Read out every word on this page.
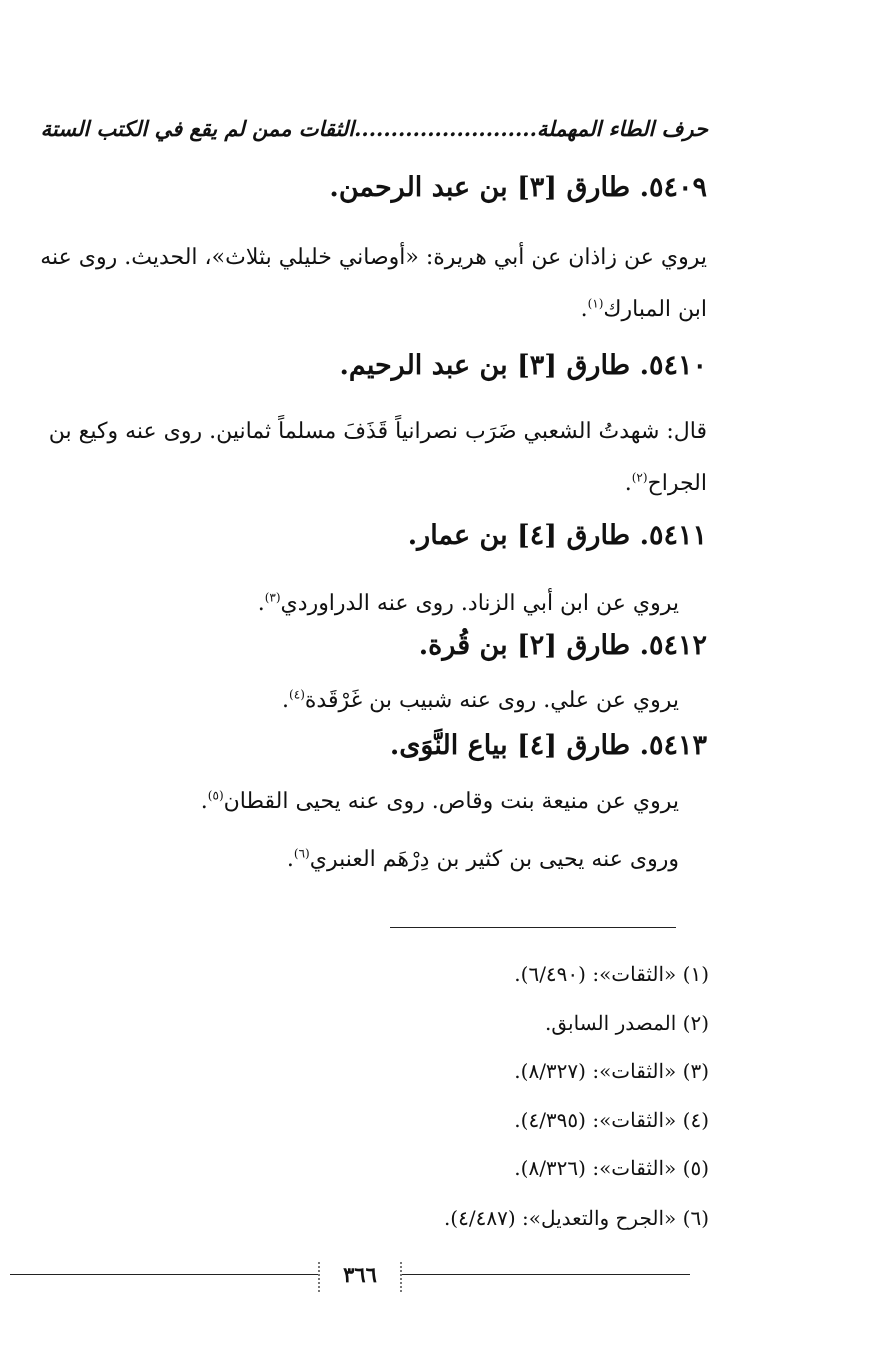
حرف الطاء المهملة.........................الثقات ممن لم يقع في الكتب الستة
٥٤٠٩. طارق [٣] بن عبد الرحمن.
يروي عن زاذان عن أبي هريرة: «أوصاني خليلي بثلاث»، الحديث. روى عنه ابن المبارك$^{(١)}$.
٥٤١٠. طارق [٣] بن عبد الرحيم.
قال: شهدتُ الشعبي ضَرَب نصرانياً قَذَفَ مسلماً ثمانين. روى عنه وكيع بن الجراح$^{(٢)}$.
٥٤١١. طارق [٤] بن عمار.
يروي عن ابن أبي الزناد. روى عنه الدراوردي$^{(٣)}$.
٥٤١٢. طارق [٢] بن قُرة.
يروي عن علي. روى عنه شبيب بن غَرْقَدة$^{(٤)}$.
٥٤١٣. طارق [٤] بياع النَّوَى.
يروي عن منيعة بنت وقاص. روى عنه يحيى القطان$^{(٥)}$.
وروى عنه يحيى بن كثير بن دِرْهَم العنبري$^{(٦)}$.
(١) «الثقات»: (٦/٤٩٠).
(٢) المصدر السابق.
(٣) «الثقات»: (٨/٣٢٧).
(٤) «الثقات»: (٤/٣٩٥).
(٥) «الثقات»: (٨/٣٢٦).
(٦) «الجرح والتعديل»: (٤/٤٨٧).
٣٦٦
